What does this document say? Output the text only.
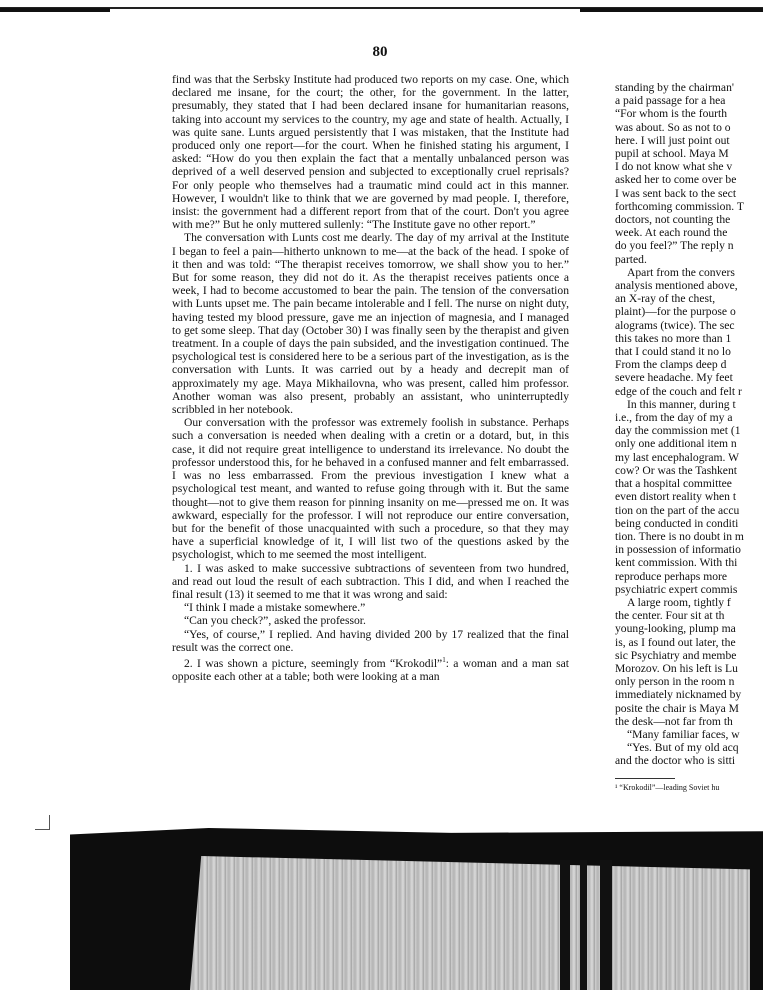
80

find was that the Serbsky Institute had produced two reports on my case. One, which declared me insane, for the court; the other, for the government. In the latter, presumably, they stated that I had been declared insane for humanitarian reasons, taking into account my services to the country, my age and state of health. Actually, I was quite sane. Lunts argued persistently that I was mistaken, that the Institute had produced only one report—for the court. When he finished stating his argument, I asked: “How do you then explain the fact that a mentally unbalanced person was deprived of a well deserved pension and subjected to exceptionally cruel reprisals? For only people who themselves had a traumatic mind could act in this manner. However, I wouldn't like to think that we are governed by mad people. I, therefore, insist: the government had a different report from that of the court. Don't you agree with me?” But he only muttered sullenly: “The Institute gave no other report.”

The conversation with Lunts cost me dearly. The day of my arrival at the Institute I began to feel a pain—hitherto unknown to me—at the back of the head. I spoke of it then and was told: “The therapist receives tomorrow, we shall show you to her.” But for some reason, they did not do it. As the therapist receives patients once a week, I had to become accustomed to bear the pain. The tension of the conversation with Lunts upset me. The pain became intolerable and I fell. The nurse on night duty, having tested my blood pressure, gave me an injection of magnesia, and I managed to get some sleep. That day (October 30) I was finally seen by the therapist and given treatment. In a couple of days the pain subsided, and the investigation continued. The psychological test is considered here to be a serious part of the investigation, as is the conversation with Lunts. It was carried out by a heady and decrepit man of approximately my age. Maya Mikhailovna, who was present, called him professor. Another woman was also present, probably an assistant, who uninterruptedly scribbled in her notebook.

Our conversation with the professor was extremely foolish in substance. Perhaps such a conversation is needed when dealing with a cretin or a dotard, but, in this case, it did not require great intelligence to understand its irrelevance. No doubt the professor understood this, for he behaved in a confused manner and felt embarrassed. I was no less embarrassed. From the previous investigation I knew what a psychological test meant, and wanted to refuse going through with it. But the same thought—not to give them reason for pinning insanity on me—pressed me on. It was awkward, especially for the professor. I will not reproduce our entire conversation, but for the benefit of those unacquainted with such a procedure, so that they may have a superficial knowledge of it, I will list two of the questions asked by the psychologist, which to me seemed the most intelligent.

1. I was asked to make successive subtractions of seventeen from two hundred, and read out loud the result of each subtraction. This I did, and when I reached the final result (13) it seemed to me that it was wrong and said:

“I think I made a mistake somewhere.”

“Can you check?”, asked the professor.

“Yes, of course,” I replied. And having divided 200 by 17 realized that the final result was the correct one.

2. I was shown a picture, seemingly from “Krokodil”$^1$: a woman and a man sat opposite each other at a table; both were looking at a man

standing by the chairman'
a paid passage for a hea
“For whom is the fourth
was about. So as not to o
here. I will just point out
pupil at school. Maya M
I do not know what she v
asked her to come over be
I was sent back to the sect
forthcoming commission. T
doctors, not counting the
week. At each round the
do you feel?” The reply n
parted.
Apart from the convers
analysis mentioned above,
an X-ray of the chest,
plaint)—for the purpose o
alograms (twice). The sec
this takes no more than 1
that I could stand it no lo
From the clamps deep d
severe headache. My feet
edge of the couch and felt r
In this manner, during t
i.e., from the day of my a
day the commission met (1
only one additional item n
my last encephalogram. W
cow? Or was the Tashkent
that a hospital committee
even distort reality when t
tion on the part of the accu
being conducted in conditi
tion. There is no doubt in m
in possession of informatio
kent commission. With thi
reproduce perhaps more
psychiatric expert commis
A large room, tightly f
the center. Four sit at th
young-looking, plump ma
is, as I found out later, the
sic Psychiatry and membe
Morozov. On his left is Lu
only person in the room n
immediately nicknamed by
posite the chair is Maya M
the desk—not far from th
“Many familiar faces, w
“Yes. But of my old acq
and the doctor who is sitti
¹ “Krokodil”—leading Soviet hu
